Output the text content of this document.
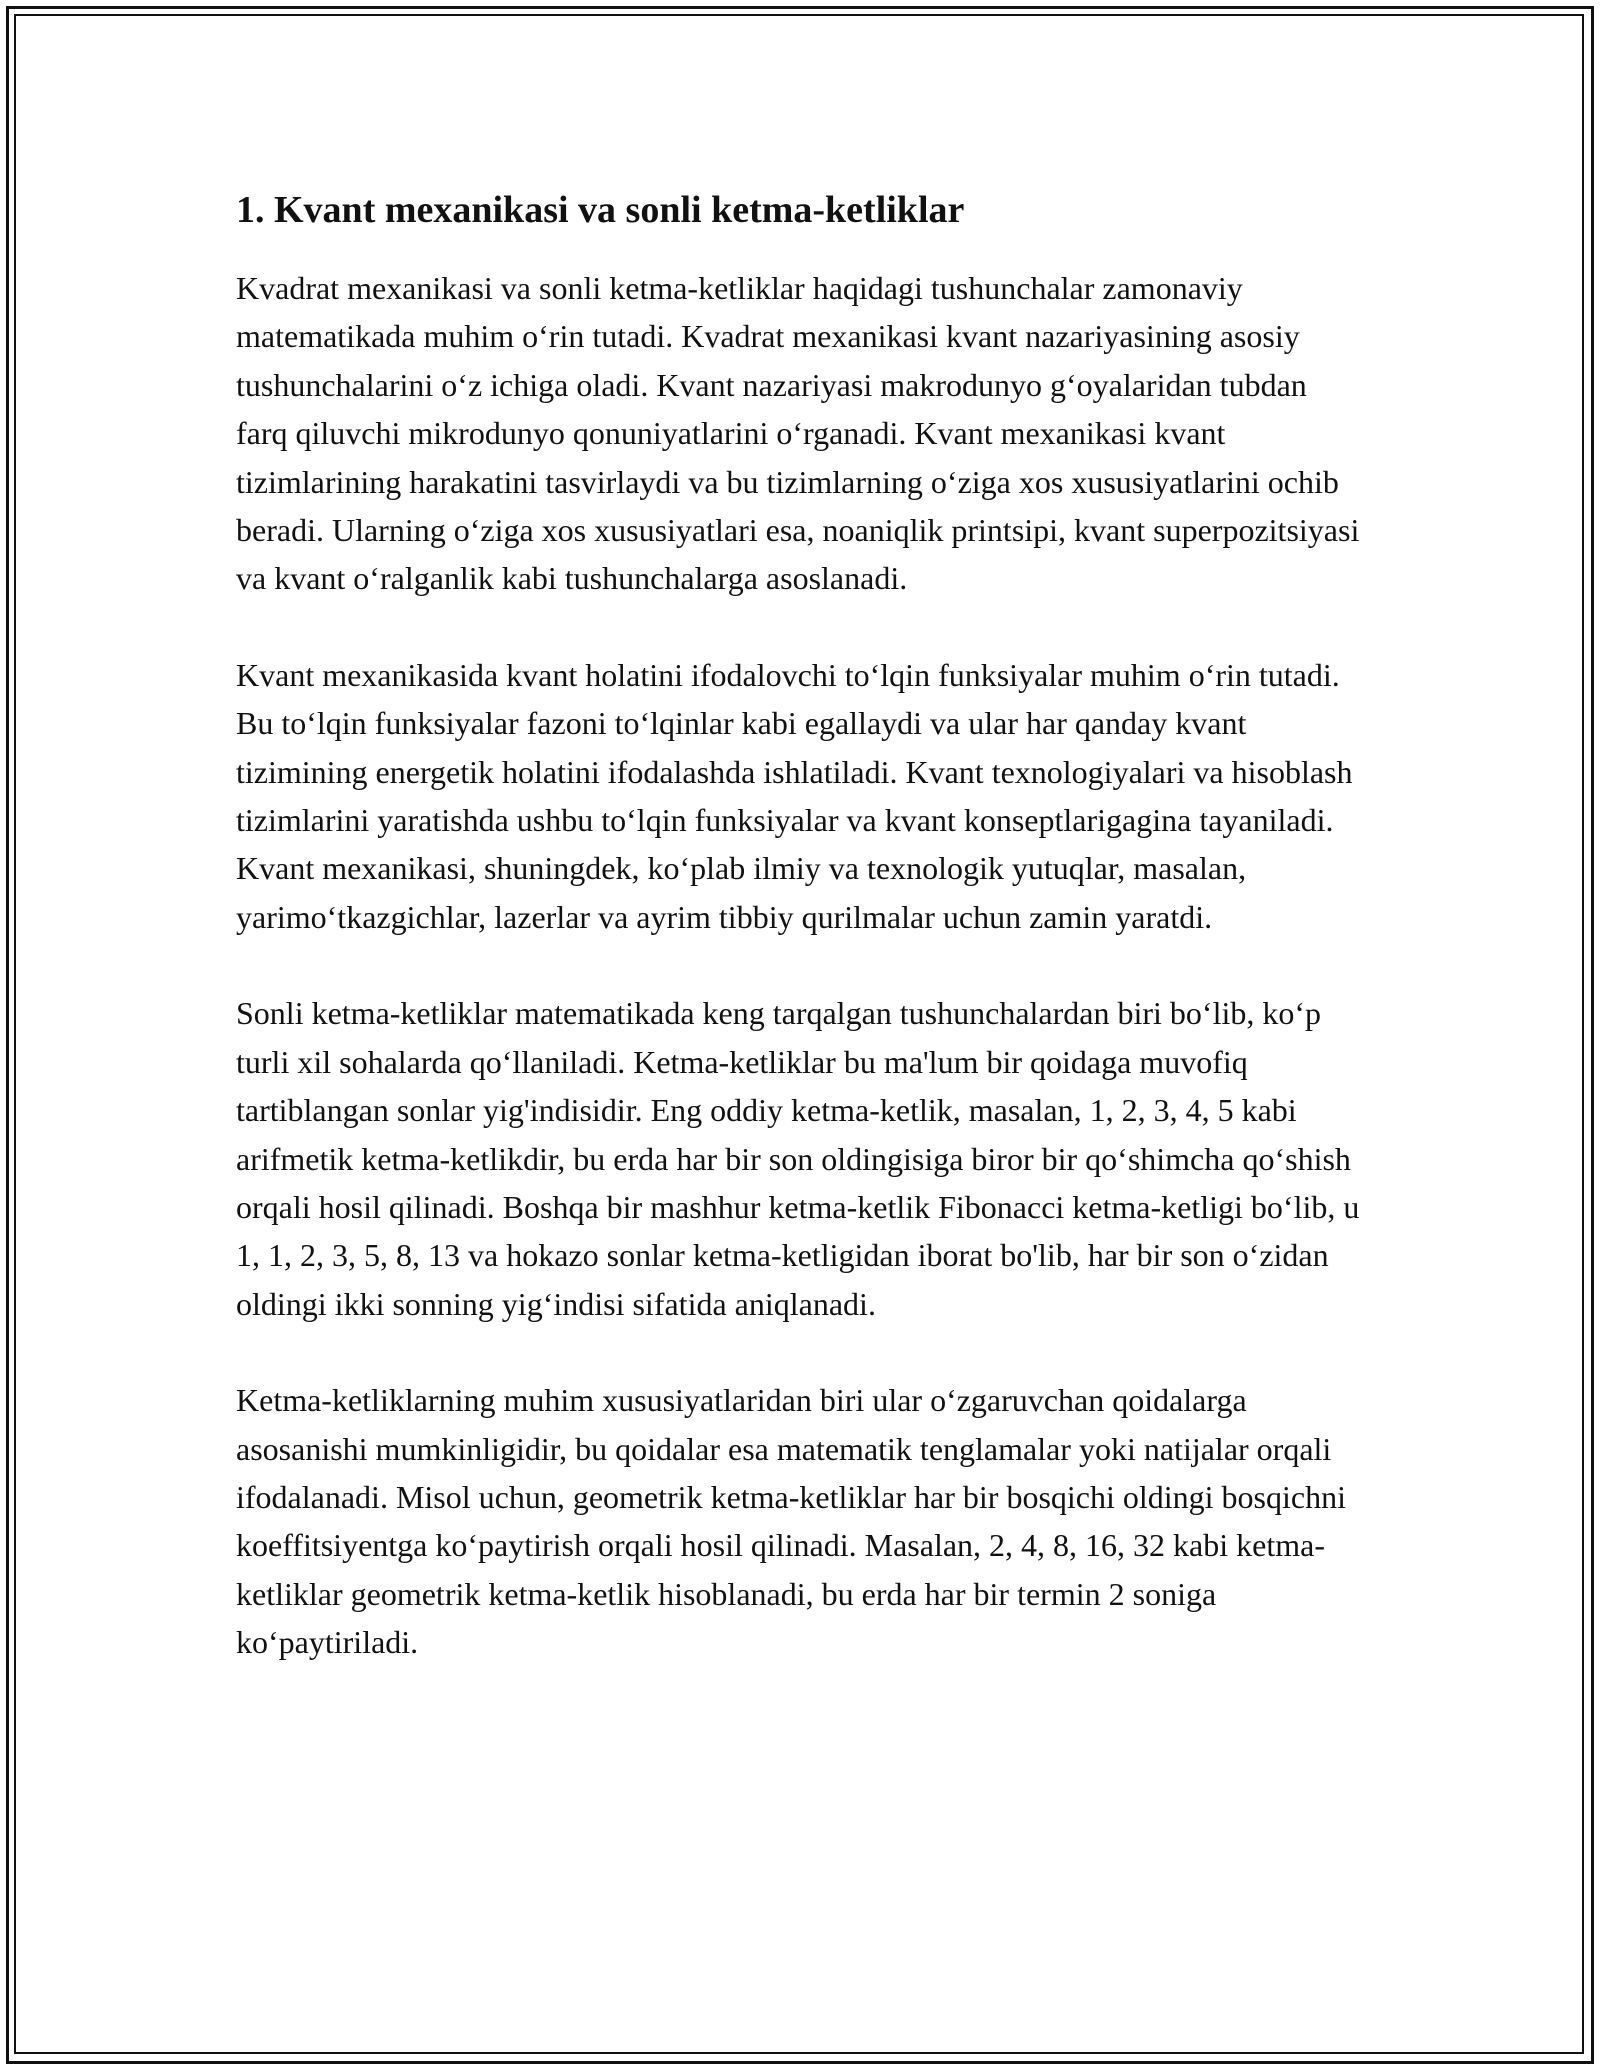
1. Kvant mexanikasi va sonli ketma-ketliklar

Kvadrat mexanikasi va sonli ketma-ketliklar haqidagi tushunchalar zamonaviy matematikada muhim o‘rin tutadi. Kvadrat mexanikasi kvant nazariyasining asosiy tushunchalarini o‘z ichiga oladi. Kvant nazariyasi makrodunyo g‘oyalaridan tubdan farq qiluvchi mikrodunyo qonuniyatlarini o‘rganadi. Kvant mexanikasi kvant tizimlarining harakatini tasvirlaydi va bu tizimlarning o‘ziga xos xususiyatlarini ochib beradi. Ularning o‘ziga xos xususiyatlari esa, noaniqlik printsipi, kvant superpozitsiyasi va kvant o‘ralganlik kabi tushunchalarga asoslanadi.

Kvant mexanikasida kvant holatini ifodalovchi to‘lqin funksiyalar muhim o‘rin tutadi. Bu to‘lqin funksiyalar fazoni to‘lqinlar kabi egallaydi va ular har qanday kvant tizimining energetik holatini ifodalashda ishlatiladi. Kvant texnologiyalari va hisoblash tizimlarini yaratishda ushbu to‘lqin funksiyalar va kvant konseptlarigagina tayaniladi. Kvant mexanikasi, shuningdek, ko‘plab ilmiy va texnologik yutuqlar, masalan, yarimo‘tkazgichlar, lazerlar va ayrim tibbiy qurilmalar uchun zamin yaratdi.

Sonli ketma-ketliklar matematikada keng tarqalgan tushunchalardan biri bo‘lib, ko‘p turli xil sohalarda qo‘llaniladi. Ketma-ketliklar bu ma'lum bir qoidaga muvofiq tartiblangan sonlar yig'indisidir. Eng oddiy ketma-ketlik, masalan, 1, 2, 3, 4, 5 kabi arifmetik ketma-ketlikdir, bu erda har bir son oldingisiga biror bir qo‘shimcha qo‘shish orqali hosil qilinadi. Boshqa bir mashhur ketma-ketlik Fibonacci ketma-ketligi bo‘lib, u 1, 1, 2, 3, 5, 8, 13 va hokazo sonlar ketma-ketligidan iborat bo'lib, har bir son o‘zidan oldingi ikki sonning yig‘indisi sifatida aniqlanadi.

Ketma-ketliklarning muhim xususiyatlaridan biri ular o‘zgaruvchan qoidalarga asosanishi mumkinligidir, bu qoidalar esa matematik tenglamalar yoki natijalar orqali ifodalanadi. Misol uchun, geometrik ketma-ketliklar har bir bosqichi oldingi bosqichni koeffitsiyentga ko‘paytirish orqali hosil qilinadi. Masalan, 2, 4, 8, 16, 32 kabi ketma-ketliklar geometrik ketma-ketlik hisoblanadi, bu erda har bir termin 2 soniga ko‘paytiriladi.
